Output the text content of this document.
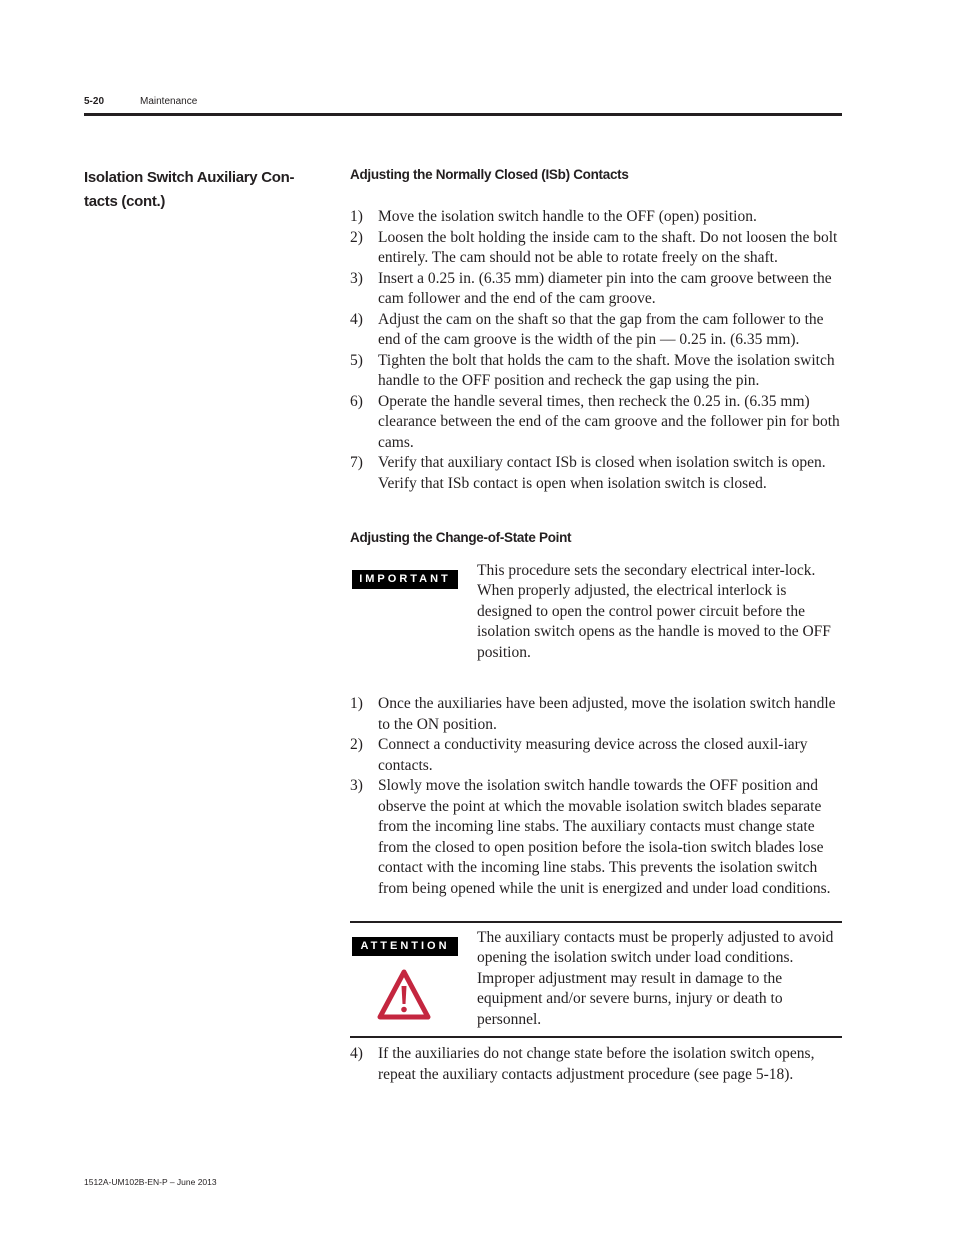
5-20	Maintenance
Isolation Switch Auxiliary Con-tacts (cont.)
Adjusting the Normally Closed (ISb) Contacts
1) Move the isolation switch handle to the OFF (open) position.
2) Loosen the bolt holding the inside cam to the shaft. Do not loosen the bolt entirely. The cam should not be able to rotate freely on the shaft.
3) Insert a 0.25 in. (6.35 mm) diameter pin into the cam groove between the cam follower and the end of the cam groove.
4) Adjust the cam on the shaft so that the gap from the cam follower to the end of the cam groove is the width of the pin — 0.25 in. (6.35 mm).
5) Tighten the bolt that holds the cam to the shaft. Move the isolation switch handle to the OFF position and recheck the gap using the pin.
6) Operate the handle several times, then recheck the 0.25 in. (6.35 mm) clearance between the end of the cam groove and the follower pin for both cams.
7) Verify that auxiliary contact ISb is closed when isolation switch is open. Verify that ISb contact is open when isolation switch is closed.
Adjusting the Change-of-State Point
IMPORTANT	This procedure sets the secondary electrical inter-lock. When properly adjusted, the electrical interlock is designed to open the control power circuit before the isolation switch opens as the handle is moved to the OFF position.
1) Once the auxiliaries have been adjusted, move the isolation switch handle to the ON position.
2) Connect a conductivity measuring device across the closed auxil-iary contacts.
3) Slowly move the isolation switch handle towards the OFF position and observe the point at which the movable isolation switch blades separate from the incoming line stabs. The auxiliary contacts must change state from the closed to open position before the isola-tion switch blades lose contact with the incoming line stabs. This prevents the isolation switch from being opened while the unit is energized and under load conditions.
ATTENTION	The auxiliary contacts must be properly adjusted to avoid opening the isolation switch under load conditions. Improper adjustment may result in damage to the equipment and/or severe burns, injury or death to personnel.
4) If the auxiliaries do not change state before the isolation switch opens, repeat the auxiliary contacts adjustment procedure (see page 5-18).
1512A-UM102B-EN-P – June 2013
